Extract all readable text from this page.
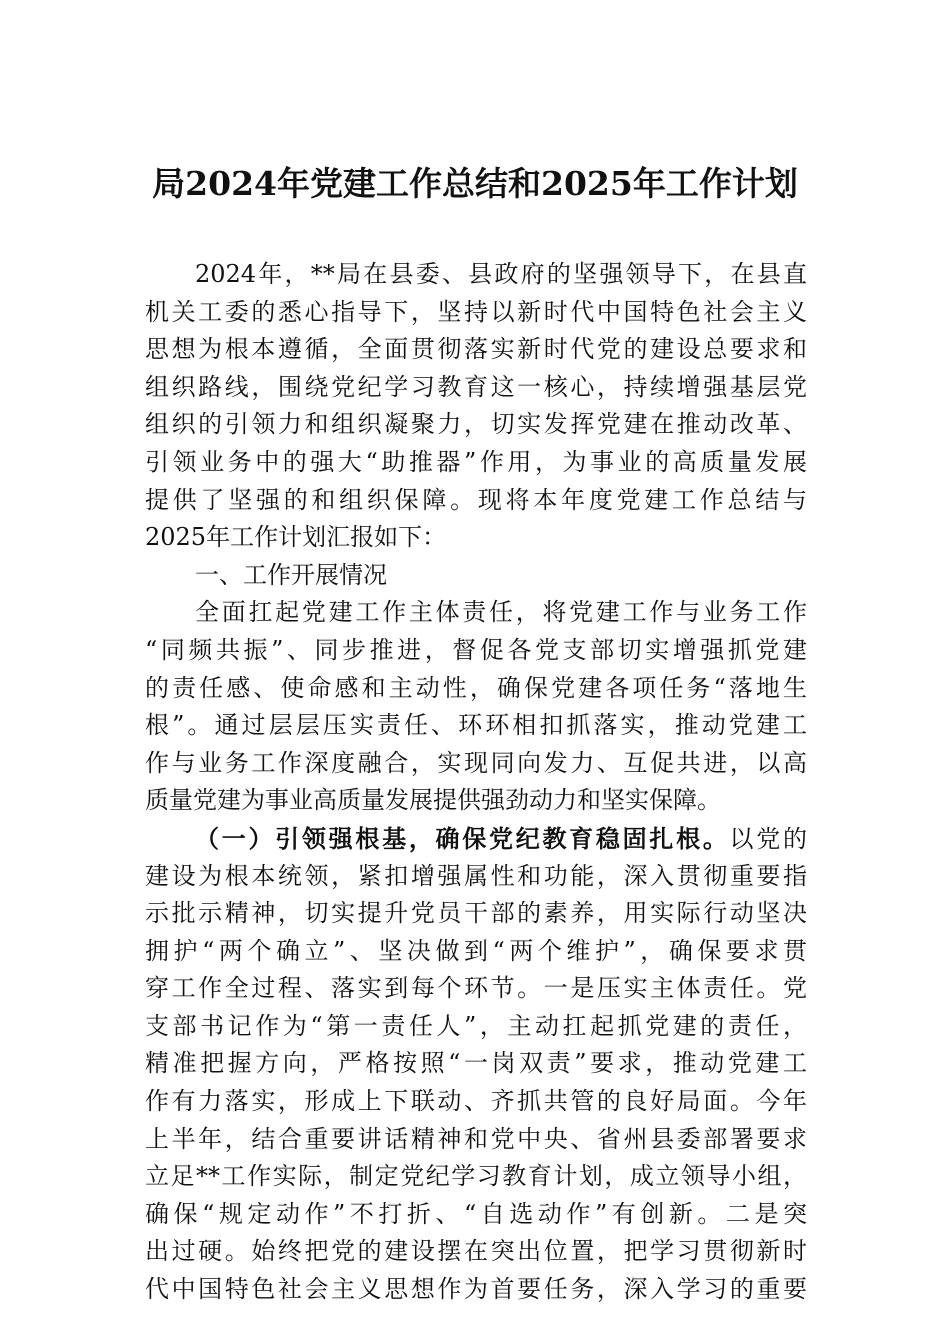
局2024年党建工作总结和2025年工作计划
2024年，**局在县委、县政府的坚强领导下，在县直
机关工委的悉心指导下，坚持以新时代中国特色社会主义
思想为根本遵循，全面贯彻落实新时代党的建设总要求和
组织路线，围绕党纪学习教育这一核心，持续增强基层党
组织的引领力和组织凝聚力，切实发挥党建在推动改革、
引领业务中的强大“助推器”作用，为事业的高质量发展
提供了坚强的和组织保障。现将本年度党建工作总结与
2025年工作计划汇报如下：
一、工作开展情况
全面扛起党建工作主体责任，将党建工作与业务工作
“同频共振”、同步推进，督促各党支部切实增强抓党建
的责任感、使命感和主动性，确保党建各项任务“落地生
根”。通过层层压实责任、环环相扣抓落实，推动党建工
作与业务工作深度融合，实现同向发力、互促共进，以高
质量党建为事业高质量发展提供强劲动力和坚实保障。
（一）引领强根基，确保党纪教育稳固扎根。以党的
建设为根本统领，紧扣增强属性和功能，深入贯彻重要指
示批示精神，切实提升党员干部的素养，用实际行动坚决
拥护“两个确立”、坚决做到“两个维护”，确保要求贯
穿工作全过程、落实到每个环节。一是压实主体责任。党
支部书记作为“第一责任人”，主动扛起抓党建的责任，
精准把握方向，严格按照“一岗双责”要求，推动党建工
作有力落实，形成上下联动、齐抓共管的良好局面。今年
上半年，结合重要讲话精神和党中央、省州县委部署要求
立足**工作实际，制定党纪学习教育计划，成立领导小组，
确保“规定动作”不打折、“自选动作”有创新。二是突
出过硬。始终把党的建设摆在突出位置，把学习贯彻新时
代中国特色社会主义思想作为首要任务，深入学习的重要
